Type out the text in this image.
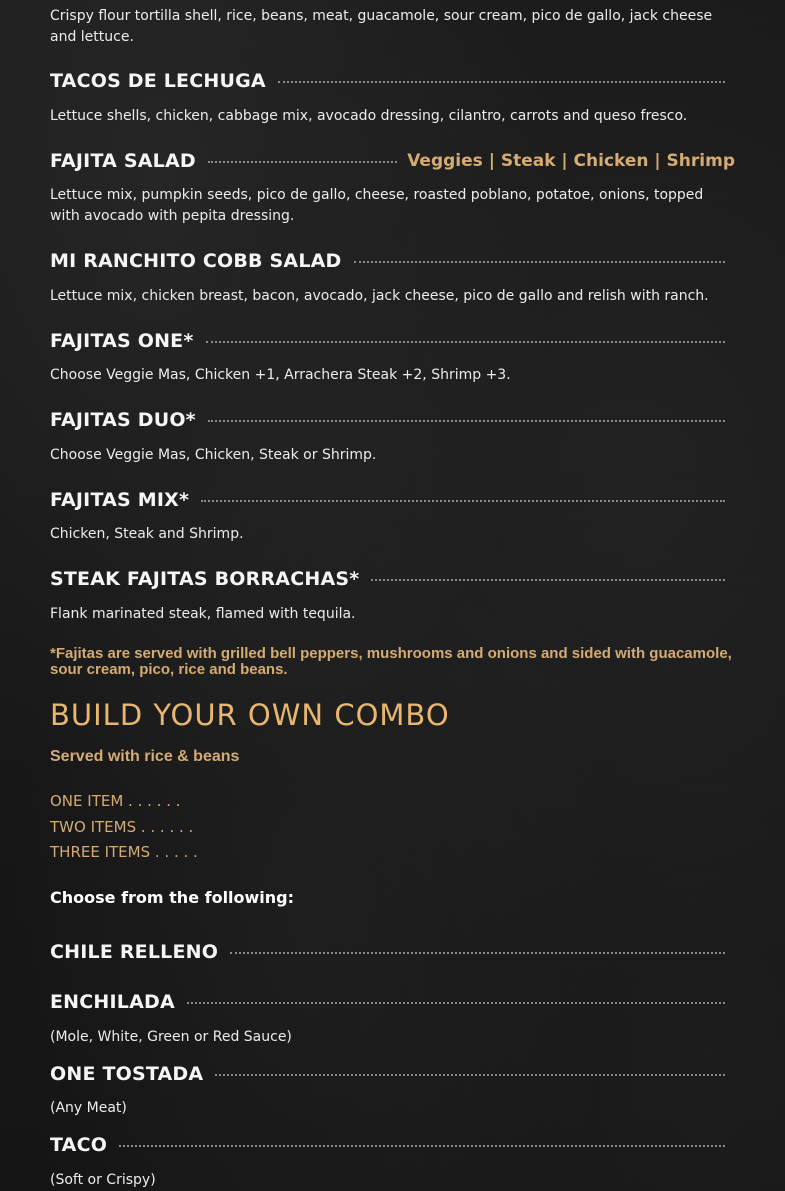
Crispy flour tortilla shell, rice, beans, meat, guacamole, sour cream, pico de gallo, jack cheese and lettuce.

TACOS DE LECHUGA

Lettuce shells, chicken, cabbage mix, avocado dressing, cilantro, carrots and queso fresco.

FAJITA SALAD	Veggies | Steak | Chicken | Shrimp

Lettuce mix, pumpkin seeds, pico de gallo, cheese, roasted poblano, potatoe, onions, topped with avocado with pepita dressing.

MI RANCHITO COBB SALAD

Lettuce mix, chicken breast, bacon, avocado, jack cheese, pico de gallo and relish with ranch.

FAJITAS ONE*

Choose Veggie Mas, Chicken +1, Arrachera Steak +2, Shrimp +3.

FAJITAS DUO*

Choose Veggie Mas, Chicken, Steak or Shrimp.

FAJITAS MIX*

Chicken, Steak and Shrimp.

STEAK FAJITAS BORRACHAS*

Flank marinated steak, flamed with tequila.

*Fajitas are served with grilled bell peppers, mushrooms and onions and sided with guacamole, sour cream, pico, rice and beans.

BUILD YOUR OWN COMBO

Served with rice & beans

ONE ITEM . . . . . .

TWO ITEMS . . . . . .

THREE ITEMS . . . . .

Choose from the following:

CHILE RELLENO
ENCHILADA

(Mole, White, Green or Red Sauce)

ONE TOSTADA

(Any Meat)

TACO

(Soft or Crispy)
